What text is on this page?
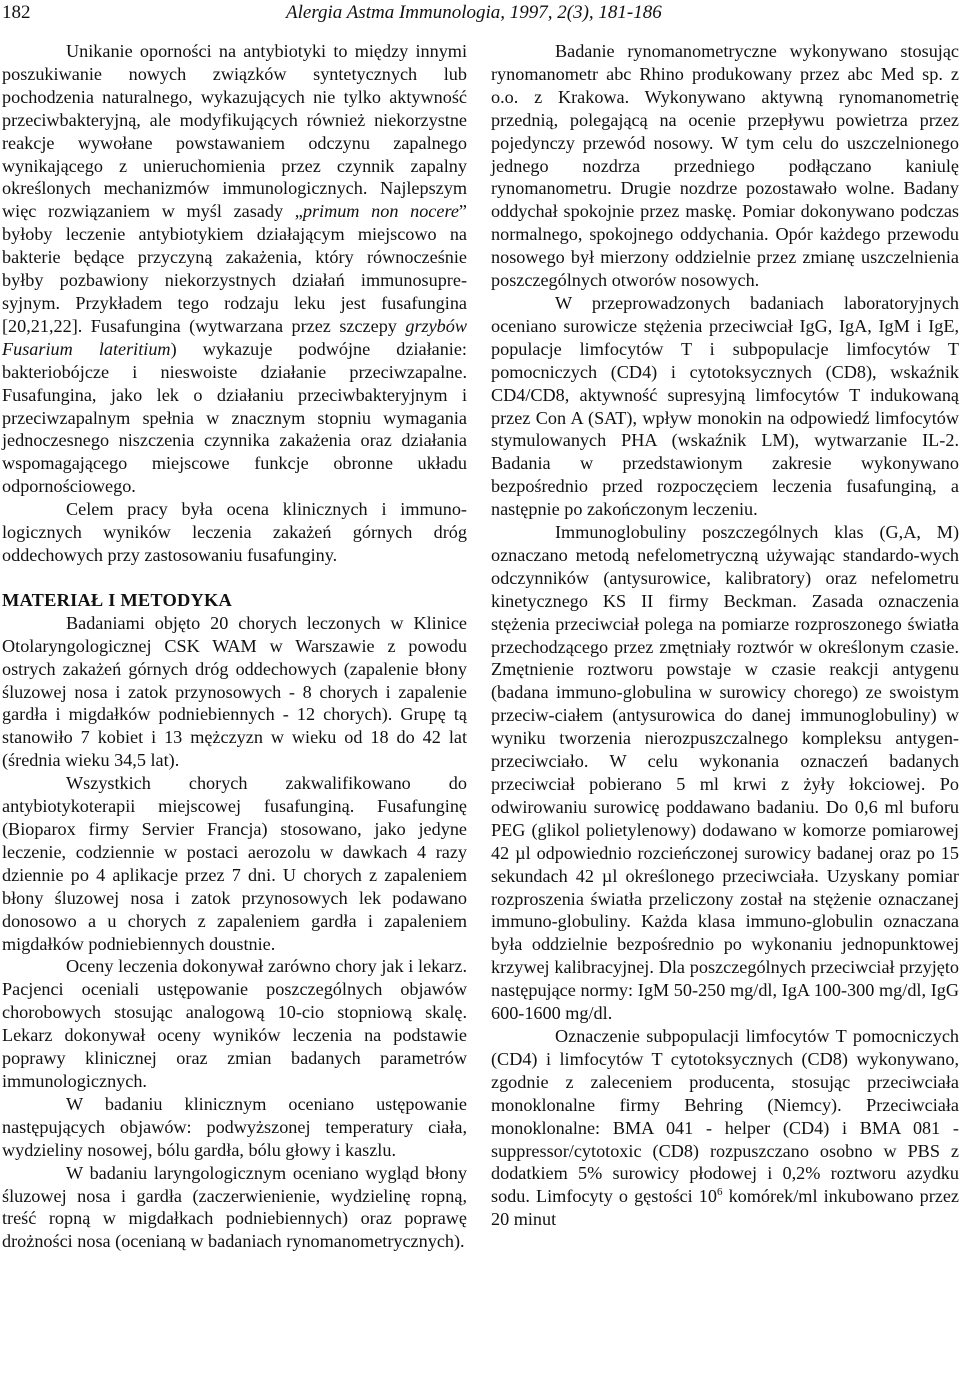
182	Alergia Astma Immunologia, 1997, 2(3), 181-186

Unikanie oporności na antybiotyki to między innymi poszukiwanie nowych związków syntetycznych lub pochodzenia naturalnego, wykazujących nie tylko aktywność przeciwbakteryjną, ale modyfikujących również niekorzystne reakcje wywołane powstawaniem odczynu zapalnego wynikającego z unieruchomienia przez czynnik zapalny określonych mechanizmów immunologicznych. Najlepszym więc rozwiązaniem w myśl zasady „primum non nocere” byłoby leczenie antybiotykiem działającym miejscowo na bakterie będące przyczyną zakażenia, który równocześnie byłby pozbawiony niekorzystnych działań immunosupre-syjnym. Przykładem tego rodzaju leku jest fusafungina [20,21,22]. Fusafungina (wytwarzana przez szczepy grzybów Fusarium lateritium) wykazuje podwójne działanie: bakteriobójcze i nieswoiste działanie przeciwzapalne. Fusafungina, jako lek o działaniu przeciwbakteryjnym i przeciwzapalnym spełnia w znacznym stopniu wymagania jednoczesnego niszczenia czynnika zakażenia oraz działania wspomagającego miejscowe funkcje obronne układu odpornościowego.

Celem pracy była ocena klinicznych i immuno-logicznych wyników leczenia zakażeń górnych dróg oddechowych przy zastosowaniu fusafunginy.

MATERIAŁ I METODYKA

Badaniami objęto 20 chorych leczonych w Klinice Otolaryngologicznej CSK WAM w Warszawie z powodu ostrych zakażeń górnych dróg oddechowych (zapalenie błony śluzowej nosa i zatok przynosowych - 8 chorych i zapalenie gardła i migdałków podniebiennych - 12 chorych). Grupę tą stanowiło 7 kobiet i 13 mężczyzn w wieku od 18 do 42 lat (średnia wieku 34,5 lat).

Wszystkich chorych zakwalifikowano do antybiotykoterapii miejscowej fusafunginą. Fusafunginę (Bioparox firmy Servier Francja) stosowano, jako jedyne leczenie, codziennie w postaci aerozolu w dawkach 4 razy dziennie po 4 aplikacje przez 7 dni. U chorych z zapaleniem błony śluzowej nosa i zatok przynosowych lek podawano donosowo a u chorych z zapaleniem gardła i zapaleniem migdałków podniebiennych doustnie.

Oceny leczenia dokonywał zarówno chory jak i lekarz. Pacjenci oceniali ustępowanie poszczególnych objawów chorobowych stosując analogową 10-cio stopniową skalę. Lekarz dokonywał oceny wyników leczenia na podstawie poprawy klinicznej oraz zmian badanych parametrów immunologicznych.

W badaniu klinicznym oceniano ustępowanie następujących objawów: podwyższonej temperatury ciała, wydzieliny nosowej, bólu gardła, bólu głowy i kaszlu.

W badaniu laryngologicznym oceniano wygląd błony śluzowej nosa i gardła (zaczerwienienie, wydzielinę ropną, treść ropną w migdałkach podniebiennych) oraz poprawę drożności nosa (ocenianą w badaniach rynomanometrycznych).

Badanie rynomanometryczne wykonywano stosując rynomanometr abc Rhino produkowany przez abc Med sp. z o.o. z Krakowa. Wykonywano aktywną rynomanometrię przednią, polegającą na ocenie przepływu powietrza przez pojedynczy przewód nosowy. W tym celu do uszczelnionego jednego nozdrza przedniego podłączano kaniulę rynomanometru. Drugie nozdrze pozostawało wolne. Badany oddychał spokojnie przez maskę. Pomiar dokonywano podczas normalnego, spokojnego oddychania. Opór każdego przewodu nosowego był mierzony oddzielnie przez zmianę uszczelnienia poszczególnych otworów nosowych.

W przeprowadzonych badaniach laboratoryjnych oceniano surowicze stężenia przeciwciał IgG, IgA, IgM i IgE, populacje limfocytów T i subpopulacje limfocytów T pomocniczych (CD4) i cytotoksycznych (CD8), wskaźnik CD4/CD8, aktywność supresyjną limfocytów T indukowaną przez Con A (SAT), wpływ monokin na odpowiedź limfocytów stymulowanych PHA (wskaźnik LM), wytwarzanie IL-2. Badania w przedstawionym zakresie wykonywano bezpośrednio przed rozpoczęciem leczenia fusafunginą, a następnie po zakończonym leczeniu.

Immunoglobuliny poszczególnych klas (G,A, M) oznaczano metodą nefelometryczną używając standardo-wych odczynników (antysurowice, kalibratory) oraz nefelometru kinetycznego KS II firmy Beckman. Zasada oznaczenia stężenia przeciwciał polega na pomiarze rozproszonego światła przechodzącego przez zmętniały roztwór w określonym czasie. Zmętnienie roztworu powstaje w czasie reakcji antygenu (badana immuno-globulina w surowicy chorego) ze swoistym przeciw-ciałem (antysurowica do danej immunoglobuliny) w wyniku tworzenia nierozpuszczalnego kompleksu antygen-przeciwciało. W celu wykonania oznaczeń badanych przeciwciał pobierano 5 ml krwi z żyły łokciowej. Po odwirowaniu surowicę poddawano badaniu. Do 0,6 ml buforu PEG (glikol polietylenowy) dodawano w komorze pomiarowej 42 µl odpowiednio rozcieńczonej surowicy badanej oraz po 15 sekundach 42 µl określonego przeciwciała. Uzyskany pomiar rozproszenia światła przeliczony został na stężenie oznaczanej immuno-globuliny. Każda klasa immuno-globulin oznaczana była oddzielnie bezpośrednio po wykonaniu jednopunktowej krzywej kalibracyjnej. Dla poszczególnych przeciwciał przyjęto następujące normy: IgM 50-250 mg/dl, IgA 100-300 mg/dl, IgG 600-1600 mg/dl.

Oznaczenie subpopulacji limfocytów T pomocniczych (CD4) i limfocytów T cytotoksycznych (CD8) wykonywano, zgodnie z zaleceniem producenta, stosując przeciwciała monoklonalne firmy Behring (Niemcy). Przeciwciała monoklonalne: BMA 041 - helper (CD4) i BMA 081 - suppressor/cytotoxic (CD8) rozpuszczano osobno w PBS z dodatkiem 5% surowicy płodowej i 0,2% roztworu azydku sodu. Limfocyty o gęstości $10^6$ komórek/ml inkubowano przez 20 minut
